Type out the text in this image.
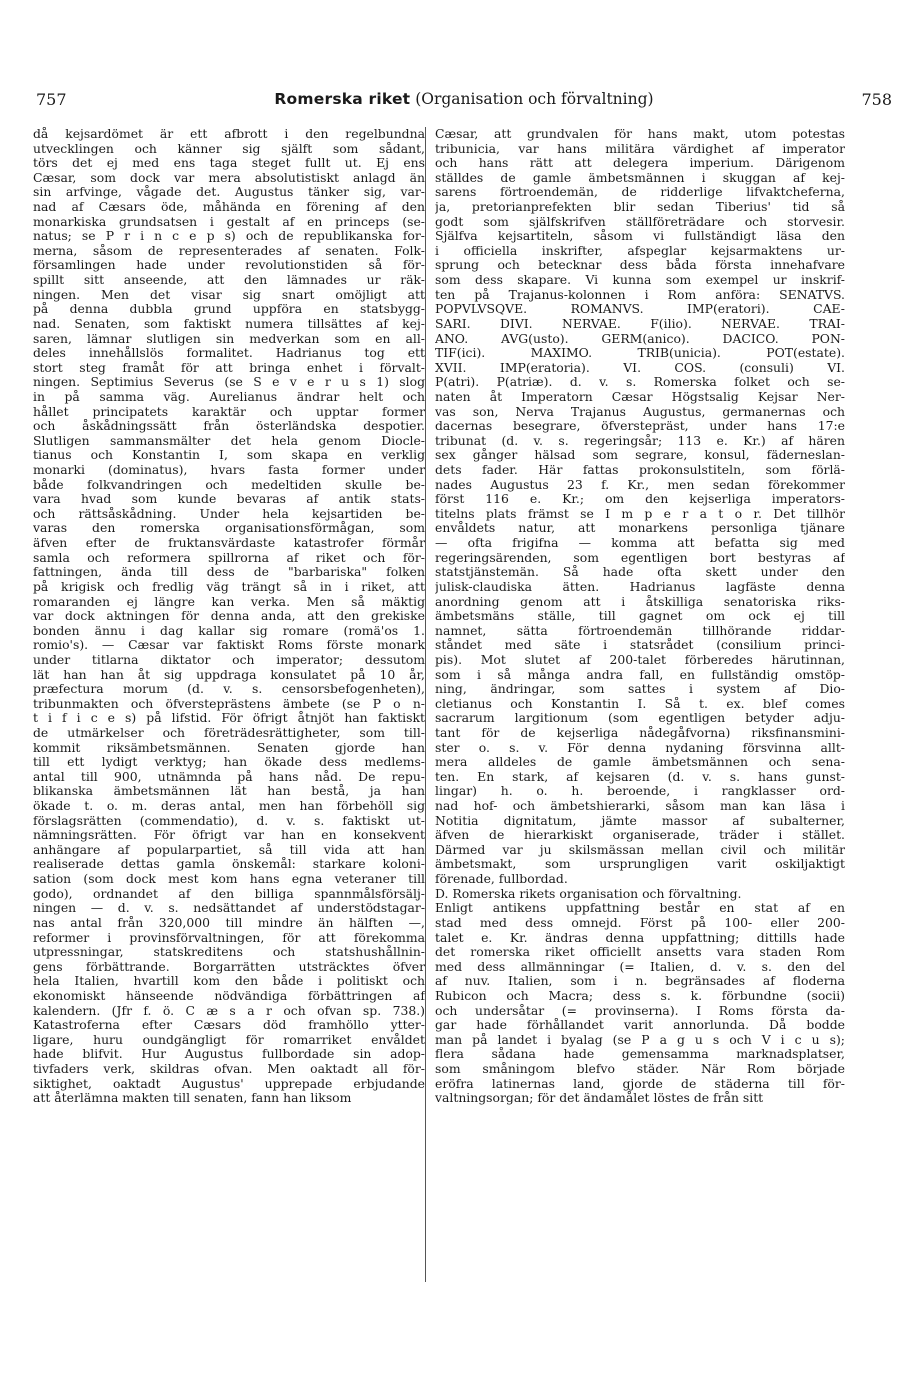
757	Romerska riket (Organisation och förvaltning)	758
då kejsardömet är ett afbrott i den regelbundna
utvecklingen och känner sig själft som sådant,
törs det ej med ens taga steget fullt ut. Ej ens
Cæsar, som dock var mera absolutistiskt anlagd än
sin arfvinge, vågade det. Augustus tänker sig, var-
nad af Cæsars öde, måhända en förening af den
monarkiska grundsatsen i gestalt af en princeps (se-
natus; se P r i n c e p s) och de republikanska for-
merna, såsom de representerades af senaten. Folk-
församlingen hade under revolutionstiden så för-
spillt sitt anseende, att den lämnades ur räk-
ningen. Men det visar sig snart omöjligt att
på denna dubbla grund uppföra en statsbygg-
nad. Senaten, som faktiskt numera tillsättes af kej-
saren, lämnar slutligen sin medverkan som en all-
deles innehållslös formalitet. Hadrianus tog ett
stort steg framåt för att bringa enhet i förvalt-
ningen. Septimius Severus (se S e v e r u s 1) slog
in på samma väg. Aurelianus ändrar helt och
hållet principatets karaktär och upptar former
och åskådningssätt från österländska despotier.
Slutligen sammansmälter det hela genom Diocle-
tianus och Konstantin I, som skapa en verklig
monarki (dominatus), hvars fasta former under
både folkvandringen och medeltiden skulle be-
vara hvad som kunde bevaras af antik stats-
och rättsåskådning. Under hela kejsartiden be-
varas den romerska organisationsförmågan, som
äfven efter de fruktansvärdaste katastrofer förmår
samla och reformera spillrorna af riket och för-
fattningen, ända till dess de "barbariska" folken
på krigisk och fredlig väg trängt så in i riket, att
romaranden ej längre kan verka. Men så mäktig
var dock aktningen för denna anda, att den grekiske
bonden ännu i dag kallar sig romare (romä'os 1.
romio's). — Cæsar var faktiskt Roms förste monark
under titlarna diktator och imperator; dessutom
lät han han åt sig uppdraga konsulatet på 10 år,
præfectura morum (d. v. s. censorsbefogenheten),
tribunmakten och öfversteprästens ämbete (se P o n-
t i f i c e s) på lifstid. För öfrigt åtnjöt han faktiskt
de utmärkelser och företrädesrättigheter, som till-
kommit riksämbetsmännen. Senaten gjorde han
till ett lydigt verktyg; han ökade dess medlems-
antal till 900, utnämnda på hans nåd. De repu-
blikanska ämbetsmännen lät han bestå, ja han
ökade t. o. m. deras antal, men han förbehöll sig
förslagsrätten (commendatio), d. v. s. faktiskt ut-
nämningsrätten. För öfrigt var han en konsekvent
anhängare af popularpartiet, så till vida att han
realiserade dettas gamla önskemål: starkare koloni-
sation (som dock mest kom hans egna veteraner till
godo), ordnandet af den billiga spannmålsförsälj-
ningen — d. v. s. nedsättandet af understödstagar-
nas antal från 320,000 till mindre än hälften —,
reformer i provinsförvaltningen, för att förekomma
utpressningar, statskreditens och statshushållnin-
gens förbättrande. Borgarrätten utsträcktes öfver
hela Italien, hvartill kom den både i politiskt och
ekonomiskt hänseende nödvändiga förbättringen af
kalendern. (Jfr f. ö. C æ s a r och ofvan sp. 738.)
Katastroferna efter Cæsars död framhöllo ytter-
ligare, huru oundgängligt för romarriket envåldet
hade blifvit. Hur Augustus fullbordade sin adop-
tivfaders verk, skildras ofvan. Men oaktadt all för-
siktighet, oaktadt Augustus' upprepade erbjudande
att återlämna makten till senaten, fann han liksom
Cæsar, att grundvalen för hans makt, utom potestas
tribunicia, var hans militära värdighet af imperator
och hans rätt att delegera imperium. Därigenom
ställdes de gamle ämbetsmännen i skuggan af kej-
sarens förtroendemän, de ridderlige lifvaktcheferna,
ja, pretorianprefekten blir sedan Tiberius' tid så
godt som själfskrifven ställföreträdare och storvesir.
Själfva kejsartiteln, såsom vi fullständigt läsa den
i officiella inskrifter, afspeglar kejsarmaktens ur-
sprung och betecknar dess båda första innehafvare
som dess skapare. Vi kunna som exempel ur inskrif-
ten på Trajanus-kolonnen i Rom anföra: SENATVS.
POPVLVSQVE. ROMANVS. IMP(eratori). CAE-
SARI. DIVI. NERVAE. F(ilio). NERVAE. TRAI-
ANO. AVG(usto). GERM(anico). DACICO. PON-
TIF(ici). MAXIMO. TRIB(unicia). POT(estate).
XVII. IMP(eratoria). VI. COS. (consuli) VI.
P(atri). P(atriæ). d. v. s. Romerska folket och se-
naten åt Imperatorn Cæsar Högstsalig Kejsar Ner-
vas son, Nerva Trajanus Augustus, germanernas och
dacernas besegrare, öfverstepräst, under hans 17:e
tribunat (d. v. s. regeringsår; 113 e. Kr.) af hären
sex gånger hälsad som segrare, konsul, fäderneslan-
dets fader. Här fattas prokonsulstiteln, som förlä-
nades Augustus 23 f. Kr., men sedan förekommer
först 116 e. Kr.; om den kejserliga imperators-
titelns plats främst se I m p e r a t o r. Det tillhör
envåldets natur, att monarkens personliga tjänare
— ofta frigifna — komma att befatta sig med
regeringsärenden, som egentligen bort bestyras af
statstjänstemän. Så hade ofta skett under den
julisk-claudiska ätten. Hadrianus lagfäste denna
anordning genom att i åtskilliga senatoriska riks-
ämbetsmäns ställe, till gagnet om ock ej till
namnet, sätta förtroendemän tillhörande riddar-
ståndet med säte i statsrådet (consilium princi-
pis). Mot slutet af 200-talet förberedes härutinnan,
som i så många andra fall, en fullständig omstöp-
ning, ändringar, som sattes i system af Dio-
cletianus och Konstantin I. Så t. ex. blef comes
sacrarum largitionum (som egentligen betyder adju-
tant för de kejserliga nådegåfvorna) riksfinansmini-
ster o. s. v. För denna nydaning försvinna allt-
mera alldeles de gamle ämbetsmännen och sena-
ten. En stark, af kejsaren (d. v. s. hans gunst-
lingar) h. o. h. beroende, i rangklasser ord-
nad hof- och ämbetshierarki, såsom man kan läsa i
Notitia dignitatum, jämte massor af subalterner,
äfven de hierarkiskt organiserade, träder i stället.
Därmed var ju skilsmässan mellan civil och militär
ämbetsmakt, som ursprungligen varit oskiljaktigt
förenade, fullbordad.
D. Romerska rikets organisation och förvaltning.
Enligt antikens uppfattning består en stat af en
stad med dess omnejd. Först på 100- eller 200-
talet e. Kr. ändras denna uppfattning; dittills hade
det romerska riket officiellt ansetts vara staden Rom
med dess allmänningar (= Italien, d. v. s. den del
af nuv. Italien, som i n. begränsades af floderna
Rubicon och Macra; dess s. k. förbundne (socii)
och undersåtar (= provinserna). I Roms första da-
gar hade förhållandet varit annorlunda. Då bodde
man på landet i byalag (se P a g u s och V i c u s);
flera sådana hade gemensamma marknadsplatser,
som småningom blefvo städer. När Rom började
eröfra latinernas land, gjorde de städerna till för-
valtningsorgan; för det ändamålet löstes de från sitt
